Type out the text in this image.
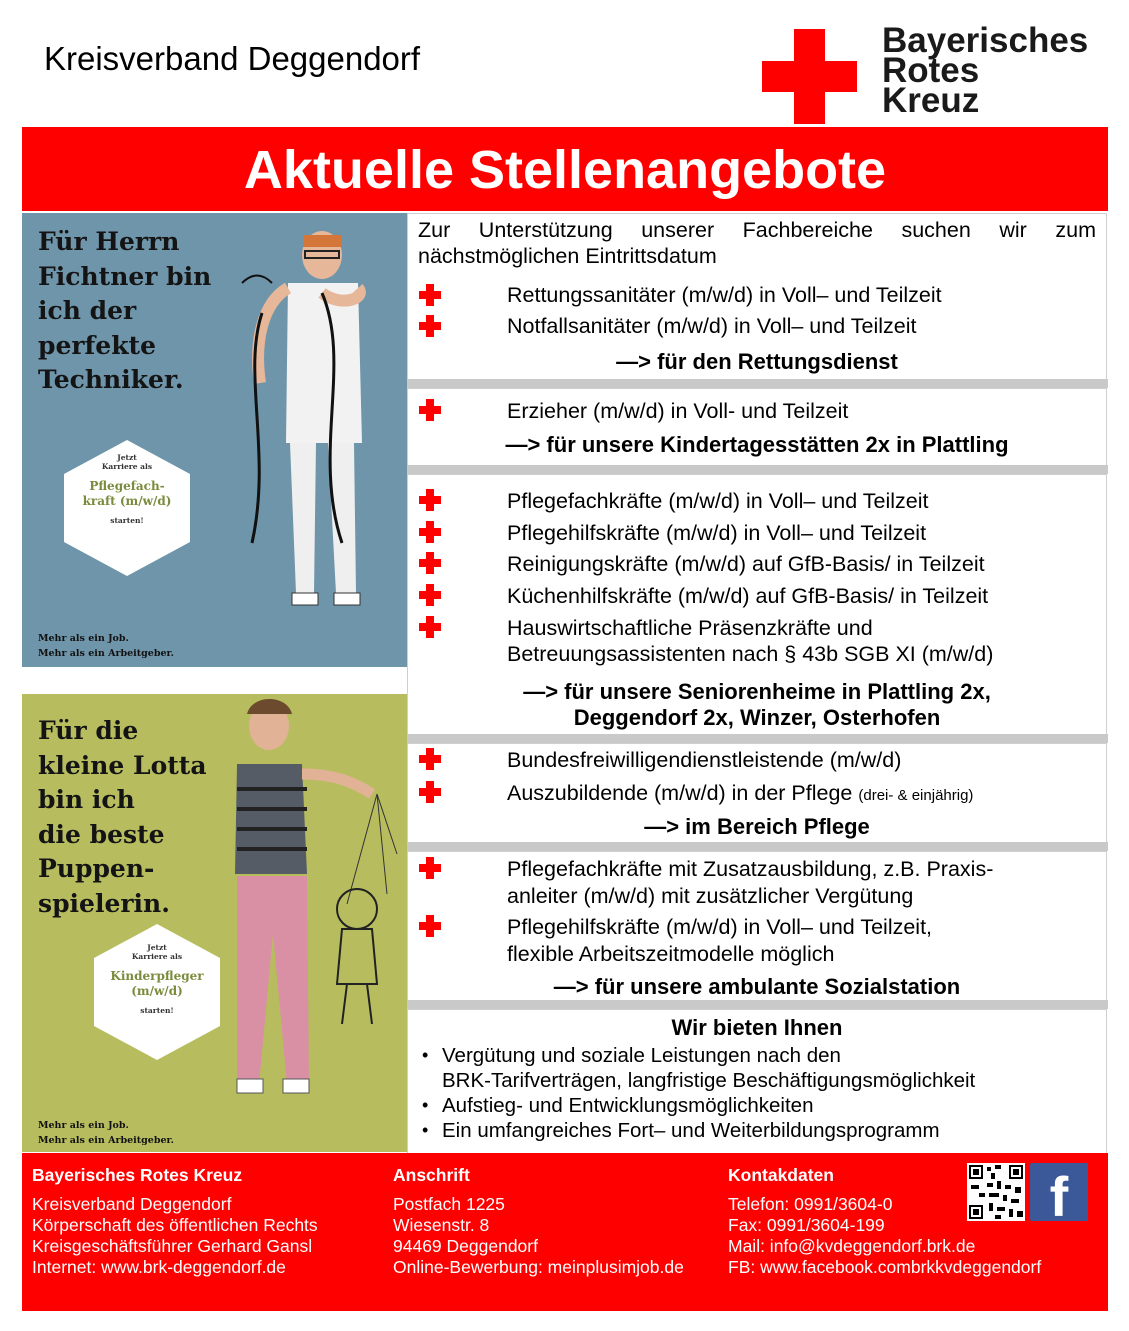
Kreisverband Deggendorf	Bayerisches
Rotes
Kreuz
Aktuelle Stellenangebote
Für Herrn
Fichtner bin
ich der
perfekte
Techniker.
Jetzt
Karriere als
Pflegefach-
kraft (m/w/d)
starten!
Mehr als ein Job.
Mehr als ein Arbeitgeber.
Für die
kleine Lotta
bin ich
die beste
Puppen-
spielerin.
Jetzt
Karriere als
Kinderpfleger
(m/w/d)
starten!
Mehr als ein Job.
Mehr als ein Arbeitgeber.
Zur Unterstützung unserer Fachbereiche suchen wir zum nächstmöglichen Eintrittsdatum
Rettungssanitäter (m/w/d) in Voll– und Teilzeit
Notfallsanitäter (m/w/d) in Voll– und Teilzeit
—> für den Rettungsdienst
Erzieher (m/w/d) in Voll- und Teilzeit
—> für unsere Kindertagesstätten 2x in Plattling
Pflegefachkräfte (m/w/d) in Voll– und Teilzeit
Pflegehilfskräfte (m/w/d) in Voll– und Teilzeit
Reinigungskräfte (m/w/d) auf GfB-Basis/ in Teilzeit
Küchenhilfskräfte (m/w/d) auf GfB-Basis/ in Teilzeit
Hauswirtschaftliche Präsenzkräfte und
Betreuungsassistenten nach § 43b SGB XI (m/w/d)
—> für unsere Seniorenheime in Plattling 2x,
Deggendorf 2x, Winzer, Osterhofen
Bundesfreiwilligendienstleistende (m/w/d)
Auszubildende (m/w/d) in der Pflege (drei- & einjährig)
—> im Bereich Pflege
Pflegefachkräfte mit Zusatzausbildung, z.B. Praxis-
anleiter (m/w/d) mit zusätzlicher Vergütung
Pflegehilfskräfte (m/w/d) in Voll– und Teilzeit,
flexible Arbeitszeitmodelle möglich
—> für unsere ambulante Sozialstation
Wir bieten Ihnen
• Vergütung und soziale Leistungen nach den
BRK-Tarifverträgen, langfristige Beschäftigungsmöglichkeit
• Aufstieg- und Entwicklungsmöglichkeiten
• Ein umfangreiches Fort– und Weiterbildungsprogramm
Bayerisches Rotes Kreuz
Kreisverband Deggendorf
Körperschaft des öffentlichen Rechts
Kreisgeschäftsführer Gerhard Gansl
Internet: www.brk-deggendorf.de
Anschrift
Postfach 1225
Wiesenstr. 8
94469 Deggendorf
Online-Bewerbung: meinplusimjob.de
Kontakdaten
Telefon: 0991/3604-0
Fax: 0991/3604-199
Mail: info@kvdeggendorf.brk.de
FB: www.facebook.combrkkvdeggendorf
f
